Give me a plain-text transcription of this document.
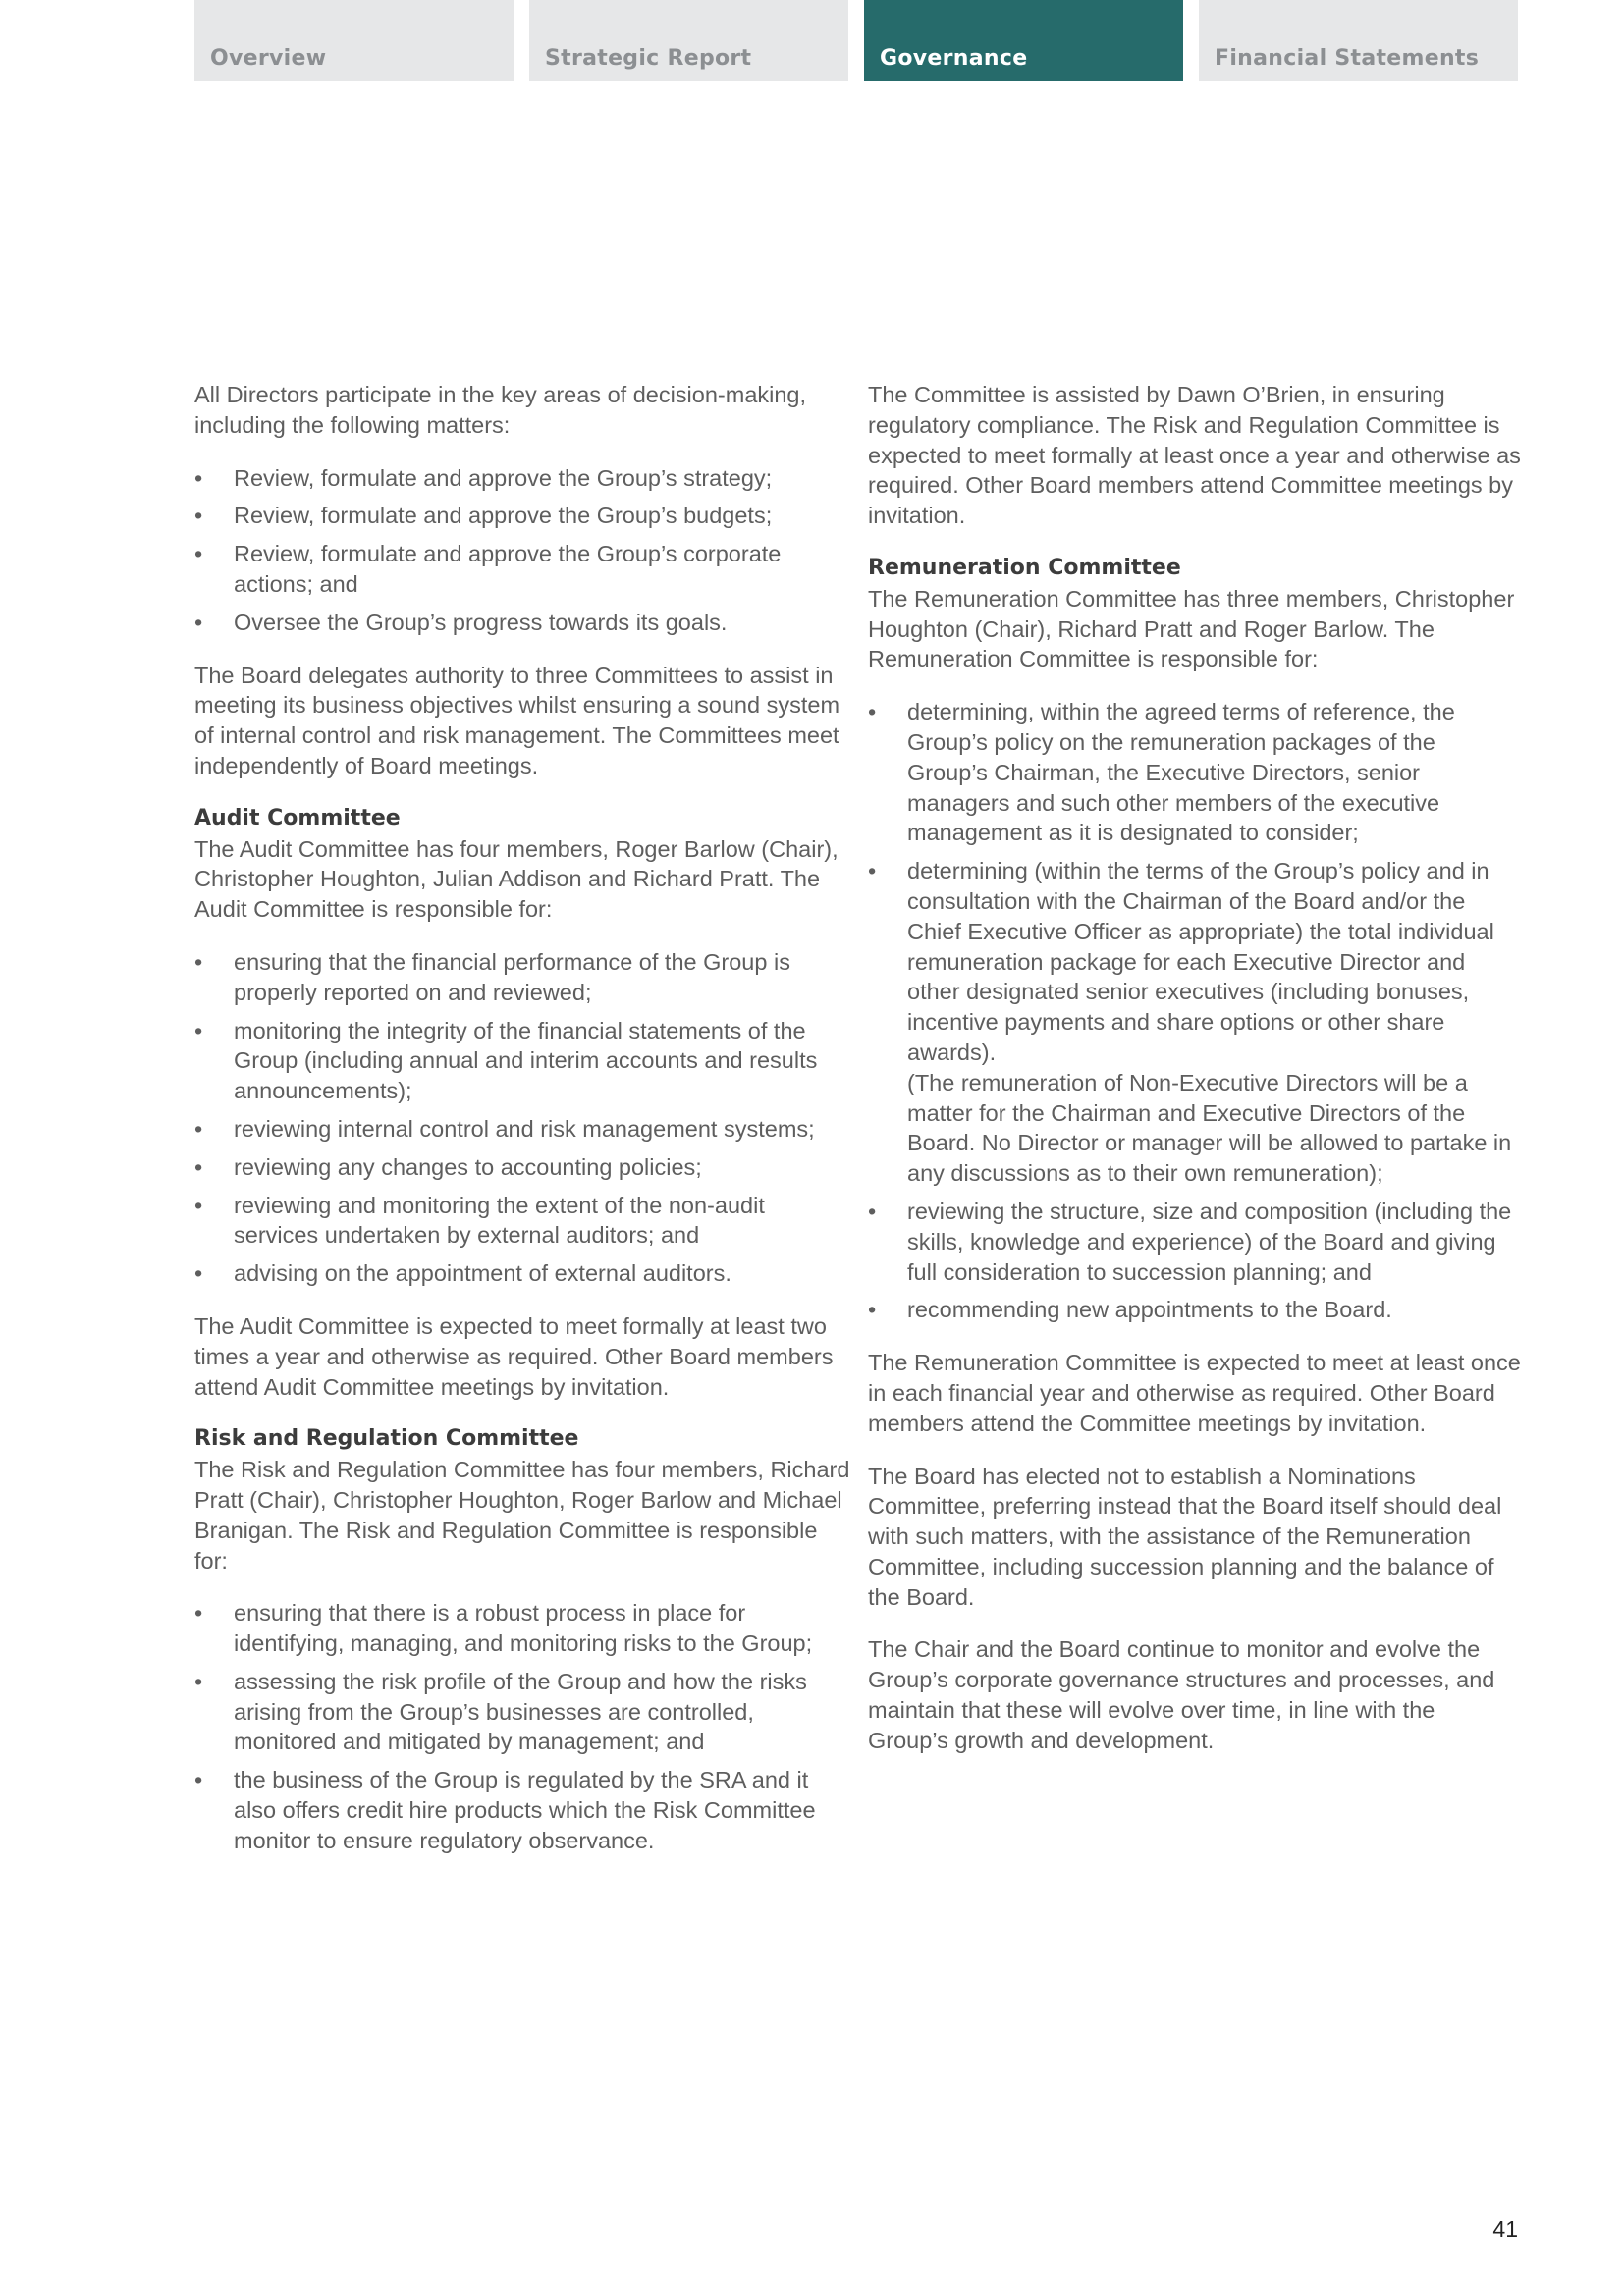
Overview	Strategic Report	Governance	Financial Statements

All Directors participate in the key areas of decision-making, including the following matters:

• Review, formulate and approve the Group’s strategy;
• Review, formulate and approve the Group’s budgets;
• Review, formulate and approve the Group’s corporate actions; and
• Oversee the Group’s progress towards its goals.

The Board delegates authority to three Committees to assist in meeting its business objectives whilst ensuring a sound system of internal control and risk management. The Committees meet independently of Board meetings.

Audit Committee

The Audit Committee has four members, Roger Barlow (Chair), Christopher Houghton, Julian Addison and Richard Pratt. The Audit Committee is responsible for:

• ensuring that the financial performance of the Group is properly reported on and reviewed;
• monitoring the integrity of the financial statements of the Group (including annual and interim accounts and results announcements);
• reviewing internal control and risk management systems;
• reviewing any changes to accounting policies;
• reviewing and monitoring the extent of the non-audit services undertaken by external auditors; and
• advising on the appointment of external auditors.

The Audit Committee is expected to meet formally at least two times a year and otherwise as required. Other Board members attend Audit Committee meetings by invitation.

Risk and Regulation Committee

The Risk and Regulation Committee has four members, Richard Pratt (Chair), Christopher Houghton, Roger Barlow and Michael Branigan. The Risk and Regulation Committee is responsible for:

• ensuring that there is a robust process in place for identifying, managing, and monitoring risks to the Group;
• assessing the risk profile of the Group and how the risks arising from the Group’s businesses are controlled, monitored and mitigated by management; and
• the business of the Group is regulated by the SRA and it also offers credit hire products which the Risk Committee monitor to ensure regulatory observance.

The Committee is assisted by Dawn O’Brien, in ensuring regulatory compliance. The Risk and Regulation Committee is expected to meet formally at least once a year and otherwise as required. Other Board members attend Committee meetings by invitation.

Remuneration Committee

The Remuneration Committee has three members, Christopher Houghton (Chair), Richard Pratt and Roger Barlow. The Remuneration Committee is responsible for:

• determining, within the agreed terms of reference, the Group’s policy on the remuneration packages of the Group’s Chairman, the Executive Directors, senior managers and such other members of the executive management as it is designated to consider;
• determining (within the terms of the Group’s policy and in consultation with the Chairman of the Board and/or the Chief Executive Officer as appropriate) the total individual remuneration package for each Executive Director and other designated senior executives (including bonuses, incentive payments and share options or other share awards).
(The remuneration of Non-Executive Directors will be a matter for the Chairman and Executive Directors of the Board. No Director or manager will be allowed to partake in any discussions as to their own remuneration);
• reviewing the structure, size and composition (including the skills, knowledge and experience) of the Board and giving full consideration to succession planning; and
• recommending new appointments to the Board.

The Remuneration Committee is expected to meet at least once in each financial year and otherwise as required. Other Board members attend the Committee meetings by invitation.

The Board has elected not to establish a Nominations Committee, preferring instead that the Board itself should deal with such matters, with the assistance of the Remuneration Committee, including succession planning and the balance of the Board.

The Chair and the Board continue to monitor and evolve the Group’s corporate governance structures and processes, and maintain that these will evolve over time, in line with the Group’s growth and development.

41
